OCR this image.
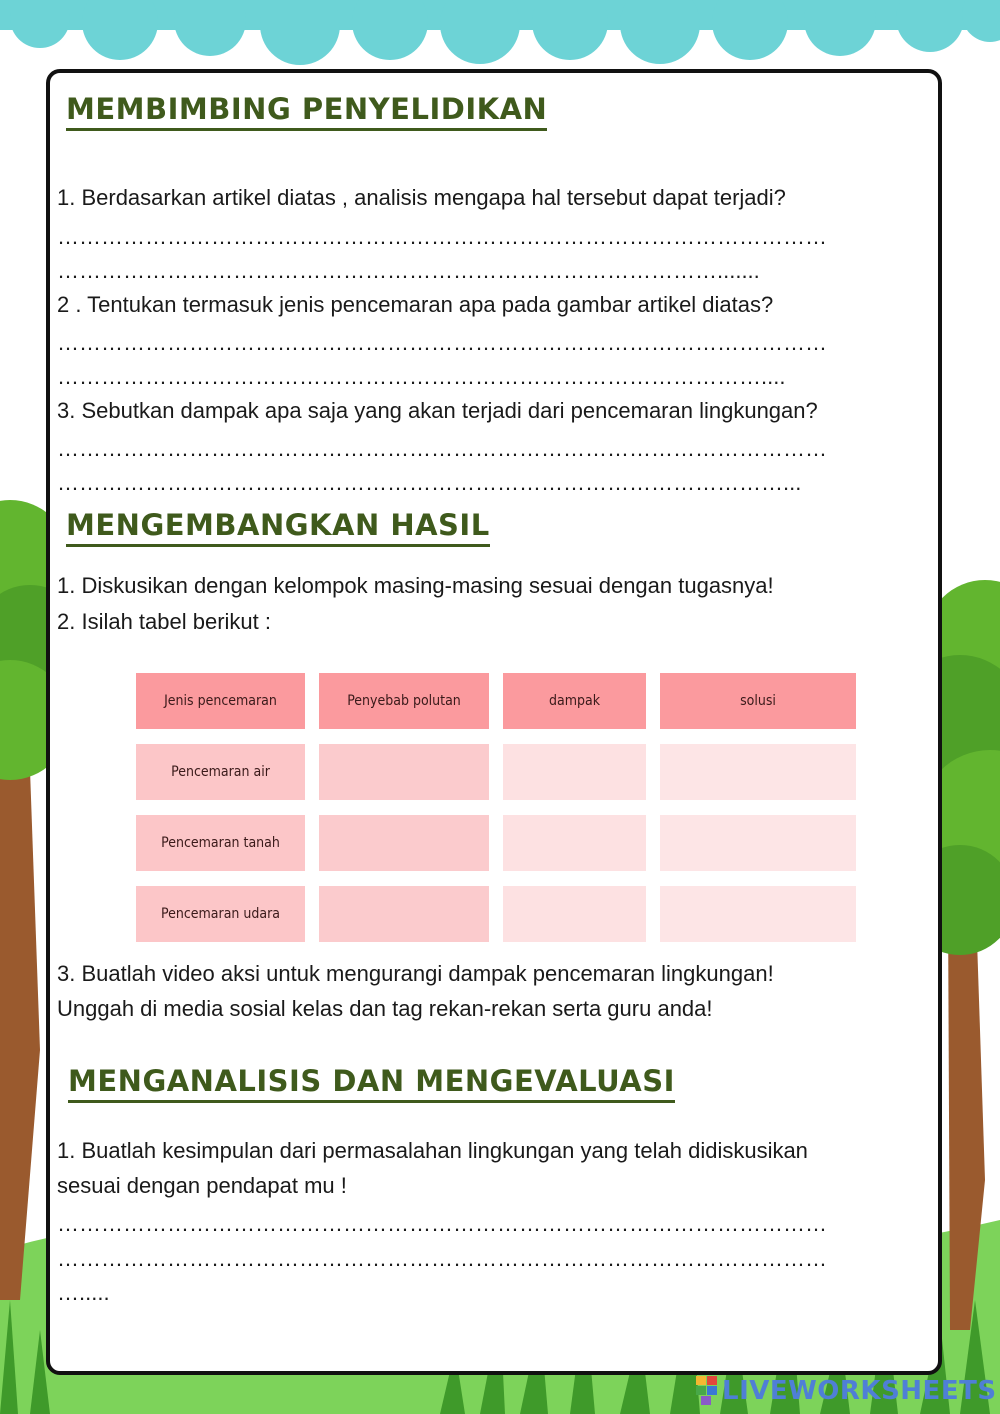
MEMBIMBING PENYELIDIKAN

1. Berdasarkan artikel diatas , analisis mengapa hal tersebut dapat terjadi?

……………………………………………………………………………………………

……………………………………………………………………………….......

2 . Tentukan termasuk jenis pencemaran apa pada gambar artikel diatas?

……………………………………………………………………………………………

……………………………………………………………………………………....

3. Sebutkan dampak apa saja yang akan terjadi dari pencemaran lingkungan?

……………………………………………………………………………………………

………………………………………………………………………………………...

MENGEMBANGKAN HASIL

1. Diskusikan dengan kelompok masing-masing sesuai dengan tugasnya!

2. Isilah tabel berikut :

Jenis pencemaran	Penyebab polutan	dampak	solusi
Pencemaran air
Pencemaran tanah
Pencemaran udara

3. Buatlah video aksi untuk mengurangi dampak pencemaran lingkungan!

Unggah di media sosial kelas dan tag rekan-rekan serta guru anda!

MENGANALISIS DAN MENGEVALUASI

1. Buatlah kesimpulan dari permasalahan lingkungan yang telah didiskusikan

sesuai dengan pendapat mu !

……………………………………………………………………………………………

……………………………………………………………………………………………

….....

LIVEWORKSHEETS
